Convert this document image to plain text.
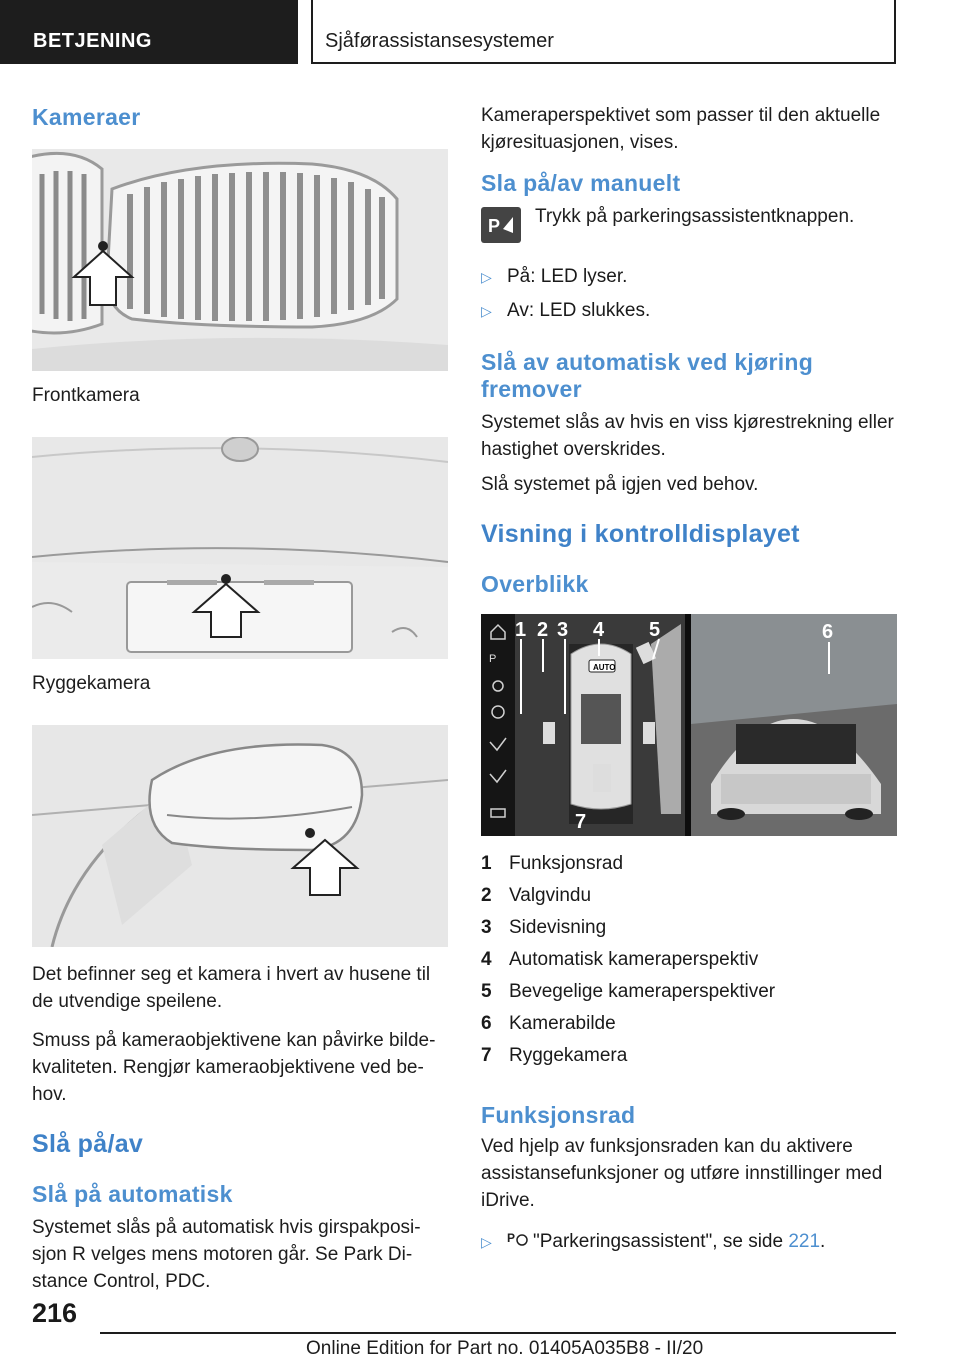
BETJENING	Sjåførassistansesystemer
Kameraer
Frontkamera
Ryggekamera

Det befinner seg et kamera i hvert av husene til de utvendige speilene.

Smuss på kameraobjektivene kan påvirke bildekvaliteten. Rengjør kameraobjektivene ved behov.

Slå på/av
Slå på automatisk

Systemet slås på automatisk hvis girspakposisjon R velges mens motoren går. Se Park Distance Control, PDC.

Kameraperspektivet som passer til den aktuelle kjøresituasjonen, vises.

Sla på/av manuelt
P Trykk på parkeringsassistentknappen.
▷ På: LED lyser.
▷ Av: LED slukkes.
Slå av automatisk ved kjøring fremover

Systemet slås av hvis en viss kjørestrekning eller hastighet overskrides.

Slå systemet på igjen ved behov.

Visning i kontrolldisplayet
Overblikk
P
AUTO
1 2 3 4 5	6
7
1 Funksjonsrad
2 Valgvindu
3 Sidevisning
4 Automatisk kameraperspektiv
5 Bevegelige kameraperspektiver
6 Kamerabilde
7 Ryggekamera
Funksjonsrad

Ved hjelp av funksjonsraden kan du aktivere assistansefunksjoner og utføre innstillinger med iDrive.

▷	P "Parkeringsassistent", se side 221.
216
Online Edition for Part no. 01405A035B8 - II/20
